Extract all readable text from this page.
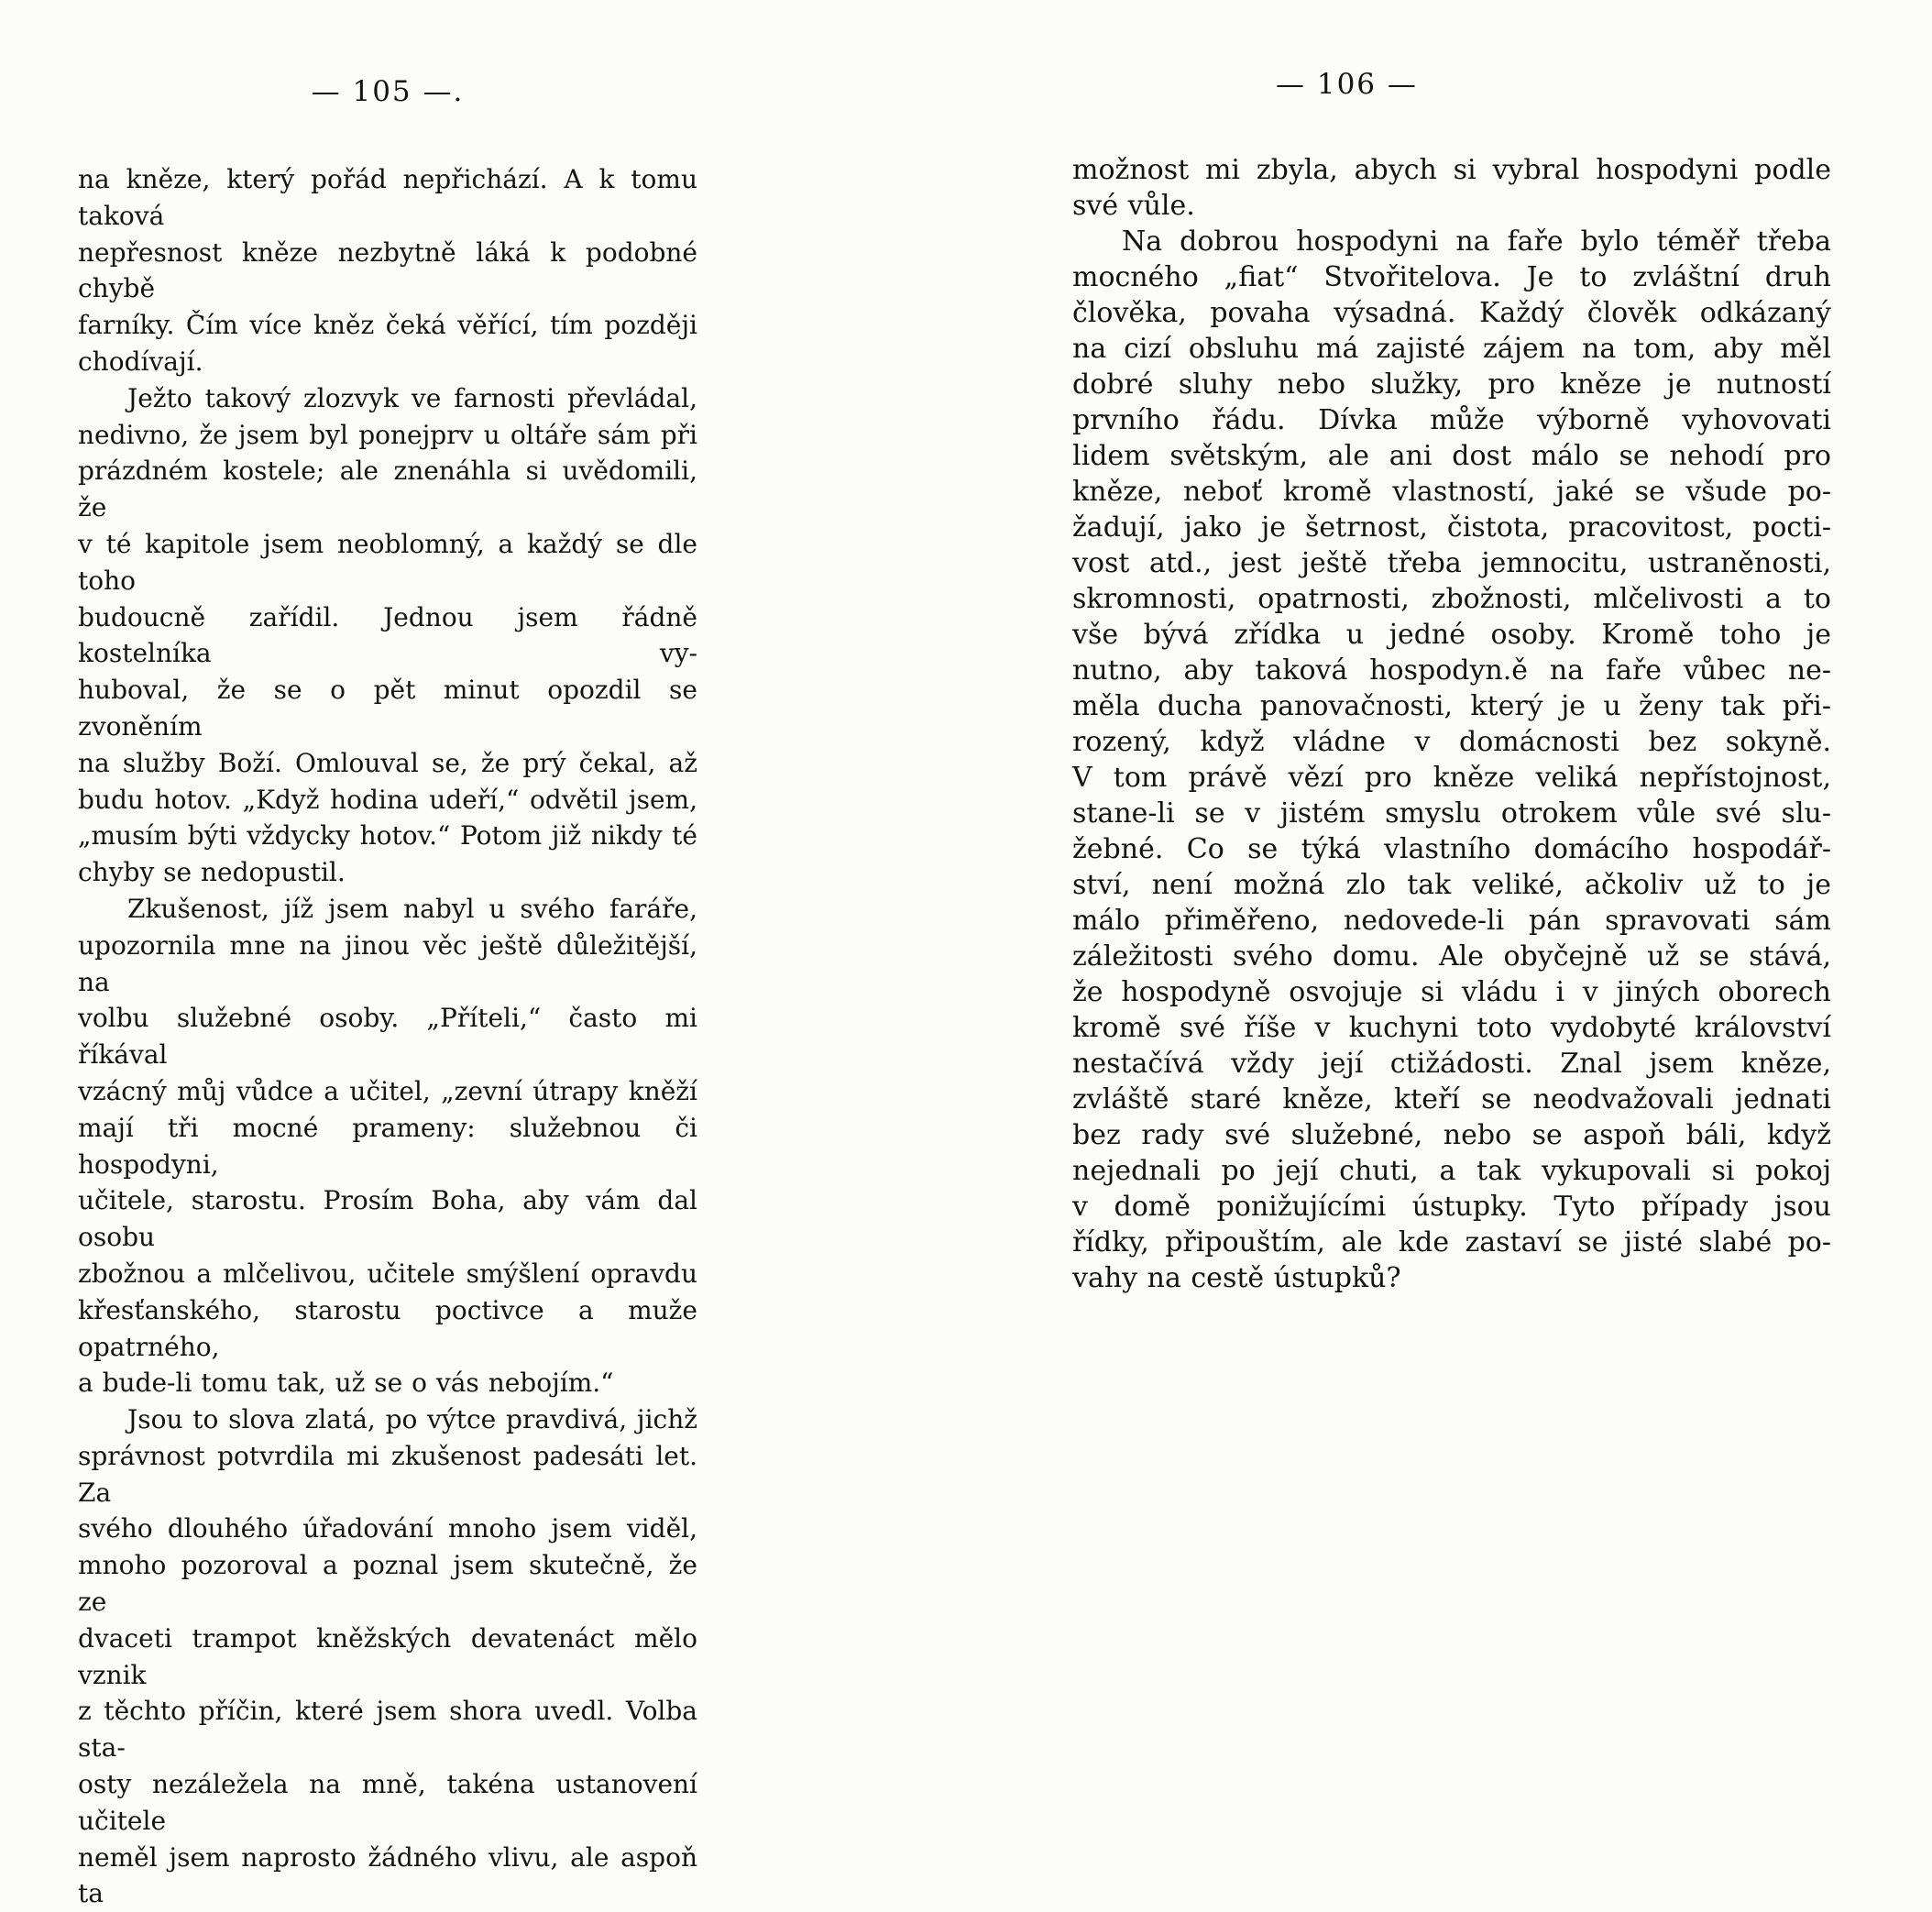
— 105 —.	— 106 —
na kněze, který pořád nepřichází. A k tomu taková
nepřesnost kněze nezbytně láká k podobné chybě
farníky. Čím více kněz čeká věřící, tím později
chodívají.
Ježto takový zlozvyk ve farnosti převládal,
nedivno, že jsem byl ponejprv u oltáře sám při
prázdném kostele; ale znenáhla si uvědomili, že
v té kapitole jsem neoblomný, a každý se dle toho
budoucně zařídil. Jednou jsem řádně kostelníka vy-
huboval, že se o pět minut opozdil se zvoněním
na služby Boží. Omlouval se, že prý čekal, až
budu hotov. „Když hodina udeří,“ odvětil jsem,
„musím býti vždycky hotov.“ Potom již nikdy té
chyby se nedopustil.
Zkušenost, jíž jsem nabyl u svého faráře,
upozornila mne na jinou věc ještě důležitější, na
volbu služebné osoby. „Příteli,“ často mi říkával
vzácný můj vůdce a učitel, „zevní útrapy kněží
mají tři mocné prameny: služebnou či hospodyni,
učitele, starostu. Prosím Boha, aby vám dal osobu
zbožnou a mlčelivou, učitele smýšlení opravdu
křesťanského, starostu poctivce a muže opatrného,
a bude-li tomu tak, už se o vás nebojím.“
Jsou to slova zlatá, po výtce pravdivá, jichž
správnost potvrdila mi zkušenost padesáti let. Za
svého dlouhého úřadování mnoho jsem viděl,
mnoho pozoroval a poznal jsem skutečně, že ze
dvaceti trampot kněžských devatenáct mělo vznik
z těchto příčin, které jsem shora uvedl. Volba sta-
osty nezáležela na mně, takéna ustanovení učitele
neměl jsem naprosto žádného vlivu, ale aspoň ta
možnost mi zbyla, abych si vybral hospodyni podle
své vůle.
Na dobrou hospodyni na faře bylo téměř třeba
mocného „fiat“ Stvořitelova. Je to zvláštní druh
člověka, povaha výsadná. Každý člověk odkázaný
na cizí obsluhu má zajisté zájem na tom, aby měl
dobré sluhy nebo služky, pro kněze je nutností
prvního řádu. Dívka může výborně vyhovovati
lidem světským, ale ani dost málo se nehodí pro
kněze, neboť kromě vlastností, jaké se všude po-
žadují, jako je šetrnost, čistota, pracovitost, pocti-
vost atd., jest ještě třeba jemnocitu, ustraněnosti,
skromnosti, opatrnosti, zbožnosti, mlčelivosti a to
vše bývá zřídka u jedné osoby. Kromě toho je
nutno, aby taková hospodyn.ě na faře vůbec ne-
měla ducha panovačnosti, který je u ženy tak při-
rozený, když vládne v domácnosti bez sokyně.
V tom právě vězí pro kněze veliká nepřístojnost,
stane-li se v jistém smyslu otrokem vůle své slu-
žebné. Co se týká vlastního domácího hospodář-
ství, není možná zlo tak veliké, ačkoliv už to je
málo přiměřeno, nedovede-li pán spravovati sám
záležitosti svého domu. Ale obyčejně už se stává,
že hospodyně osvojuje si vládu i v jiných oborech
kromě své říše v kuchyni toto vydobyté království
nestačívá vždy její ctižádosti. Znal jsem kněze,
zvláště staré kněze, kteří se neodvažovali jednati
bez rady své služebné, nebo se aspoň báli, když
nejednali po její chuti, a tak vykupovali si pokoj
v domě ponižujícími ústupky. Tyto případy jsou
řídky, připouštím, ale kde zastaví se jisté slabé po-
vahy na cestě ústupků?
